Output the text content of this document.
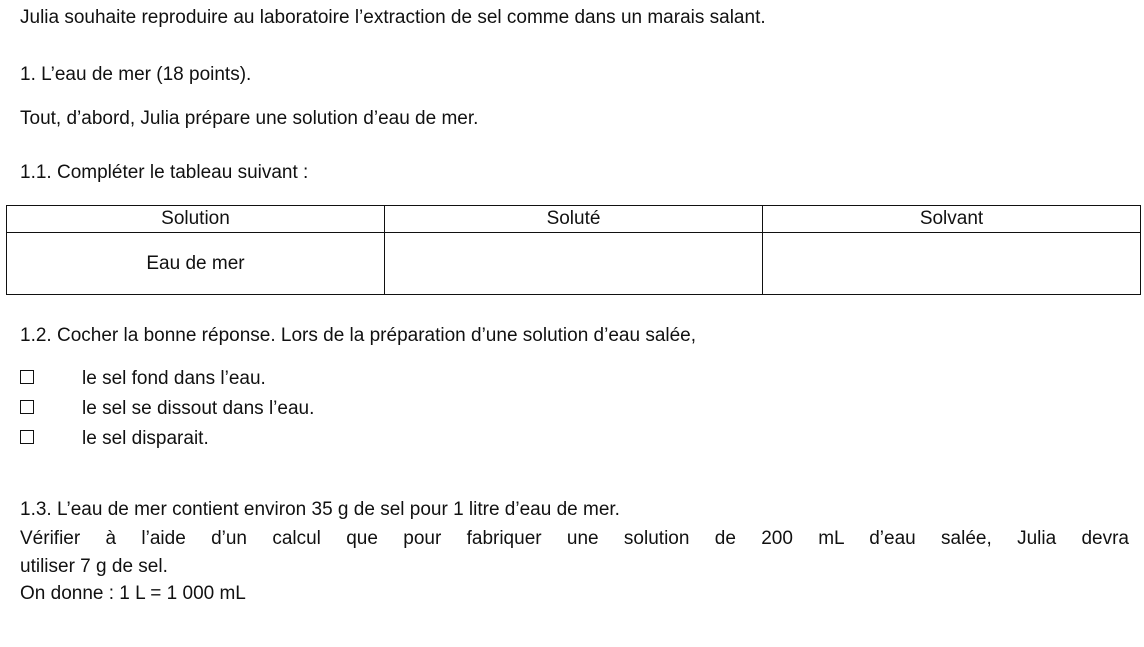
Julia souhaite reproduire au laboratoire l’extraction de sel comme dans un marais salant.
1. L’eau de mer (18 points).
Tout, d’abord, Julia prépare une solution d’eau de mer.
1.1. Compléter le tableau suivant :
Solution	Soluté	Solvant
Eau de mer		
1.2. Cocher la bonne réponse. Lors de la préparation d’une solution d’eau salée,
le sel fond dans l’eau.
le sel se dissout dans l’eau.
le sel disparait.
1.3. L’eau de mer contient environ 35 g de sel pour 1 litre d’eau de mer.
Vérifier à l’aide d’un calcul que pour fabriquer une solution de 200 mL d’eau salée, Julia devra
utiliser 7 g de sel.
On donne : 1 L = 1 000 mL
